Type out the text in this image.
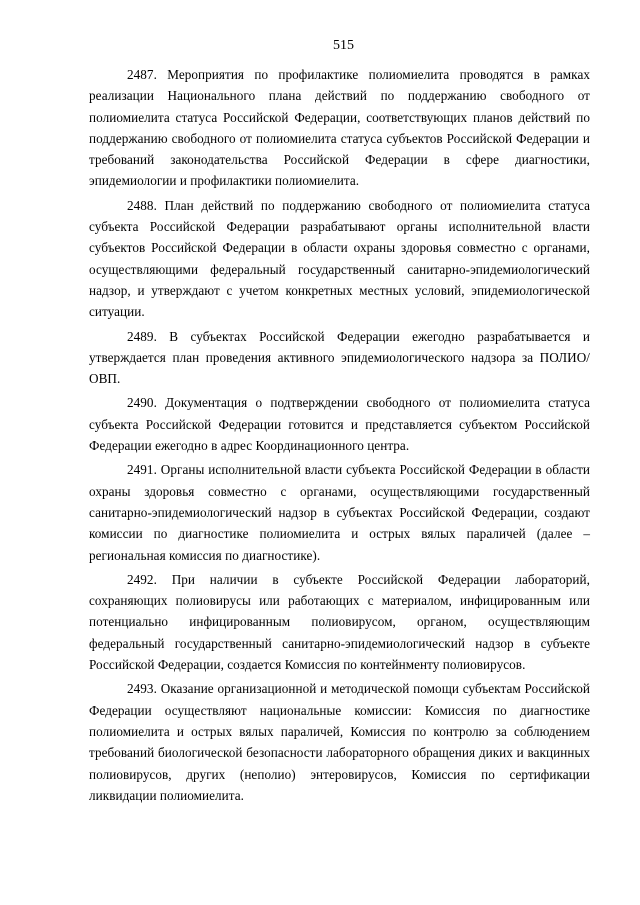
515

2487. Мероприятия по профилактике полиомиелита проводятся в рамках реализации Национального плана действий по поддержанию свободного от полиомиелита статуса Российской Федерации, соответствующих планов действий по поддержанию свободного от полиомиелита статуса субъектов Российской Федерации и требований законодательства Российской Федерации в сфере диагностики, эпидемиологии и профилактики полиомиелита.

2488. План действий по поддержанию свободного от полиомиелита статуса субъекта Российской Федерации разрабатывают органы исполнительной власти субъектов Российской Федерации в области охраны здоровья совместно с органами, осуществляющими федеральный государственный санитарно-эпидемиологический надзор, и утверждают с учетом конкретных местных условий, эпидемиологической ситуации.

2489. В субъектах Российской Федерации ежегодно разрабатывается и утверждается план проведения активного эпидемиологического надзора за ПОЛИО/ОВП.

2490. Документация о подтверждении свободного от полиомиелита статуса субъекта Российской Федерации готовится и представляется субъектом Российской Федерации ежегодно в адрес Координационного центра.

2491. Органы исполнительной власти субъекта Российской Федерации в области охраны здоровья совместно с органами, осуществляющими государственный санитарно-эпидемиологический надзор в субъектах Российской Федерации, создают комиссии по диагностике полиомиелита и острых вялых параличей (далее – региональная комиссия по диагностике).

2492. При наличии в субъекте Российской Федерации лабораторий, сохраняющих полиовирусы или работающих с материалом, инфицированным или потенциально инфицированным полиовирусом, органом, осуществляющим федеральный государственный санитарно-эпидемиологический надзор в субъекте Российской Федерации, создается Комиссия по контейнменту полиовирусов.

2493. Оказание организационной и методической помощи субъектам Российской Федерации осуществляют национальные комиссии: Комиссия по диагностике полиомиелита и острых вялых параличей, Комиссия по контролю за соблюдением требований биологической безопасности лабораторного обращения диких и вакцинных полиовирусов, других (неполио) энтеровирусов, Комиссия по сертификации ликвидации полиомиелита.
